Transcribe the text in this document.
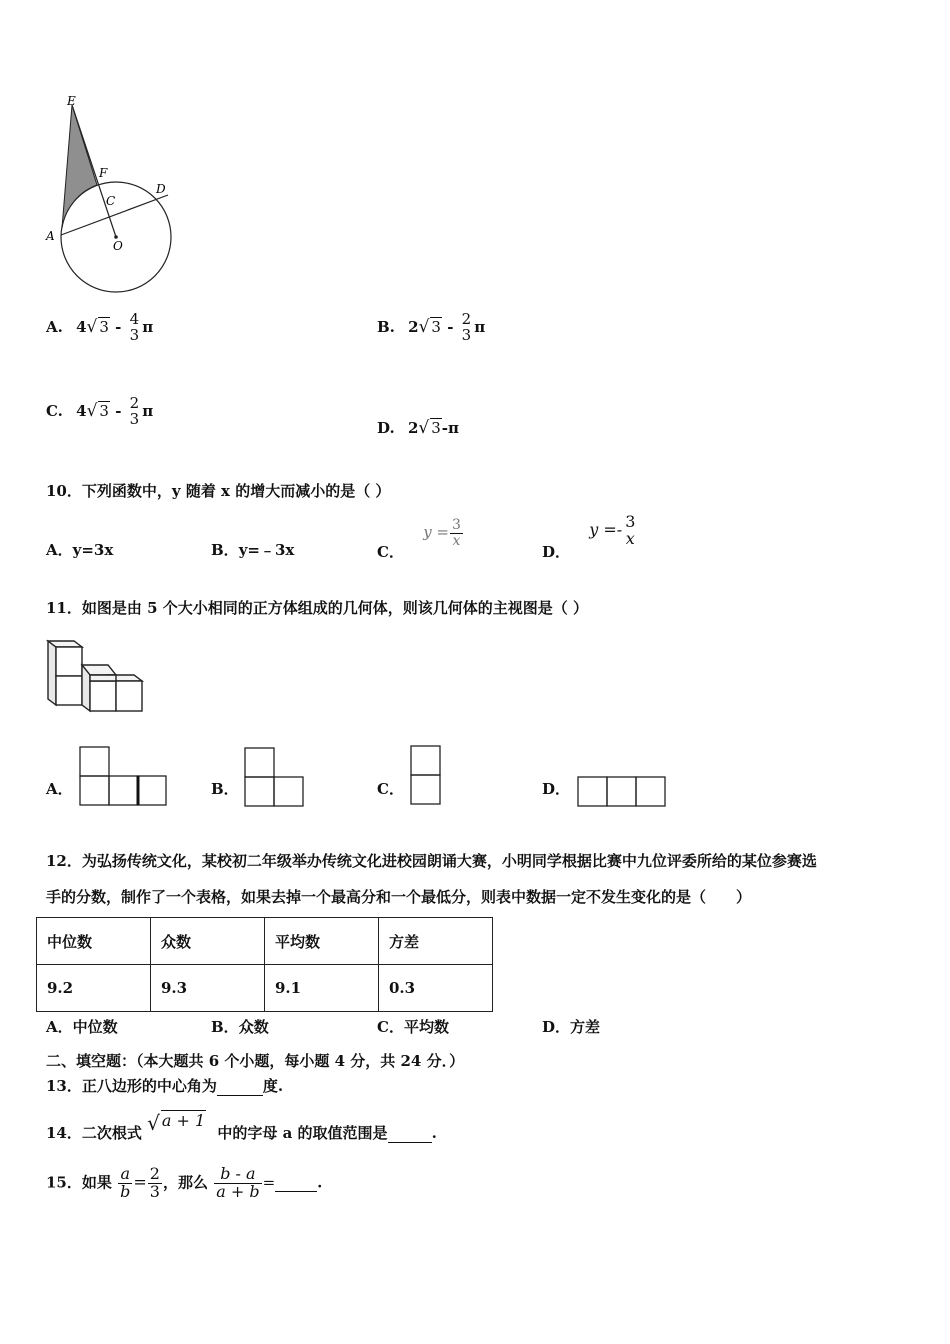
E
F
C
D
A
O
A. 4√ 3 - 4
3 π	B. 2√ 3 - 2
3 π
C. 4√ 3 - 2
3 π
D. 2√ 3-π
10．下列函数中，y 随着 x 的增大而减小的是（ ）
A．y=3x	B．y=﹣3x	C． $y = \frac{3}{x}$
D． y =- 3
x
11．如图是由 5 个大小相同的正方体组成的几何体，则该几何体的主视图是（ ）
A．	B．	C．	D．
12．为弘扬传统文化，某校初二年级举办传统文化进校园朗诵大赛，小明同学根据比赛中九位评委所给的某位参赛选
手的分数，制作了一个表格，如果去掉一个最高分和一个最低分，则表中数据一定不发生变化的是（　　）
中位数	众数	平均数	方差
9.2	9.3	9.1	0.3
A．中位数	B．众数	C．平均数	D．方差
二、填空题：（本大题共 6 个小题，每小题 4 分，共 24 分．）
13．正八边形的中心角为	度.
14．二次根式 √ a + 1 中的字母 a 的取值范围是	.
15．如果 $\frac{a}{b} = \frac{2}{3}$ ，那么 $\frac{b - a}{a + b}$ =	.
